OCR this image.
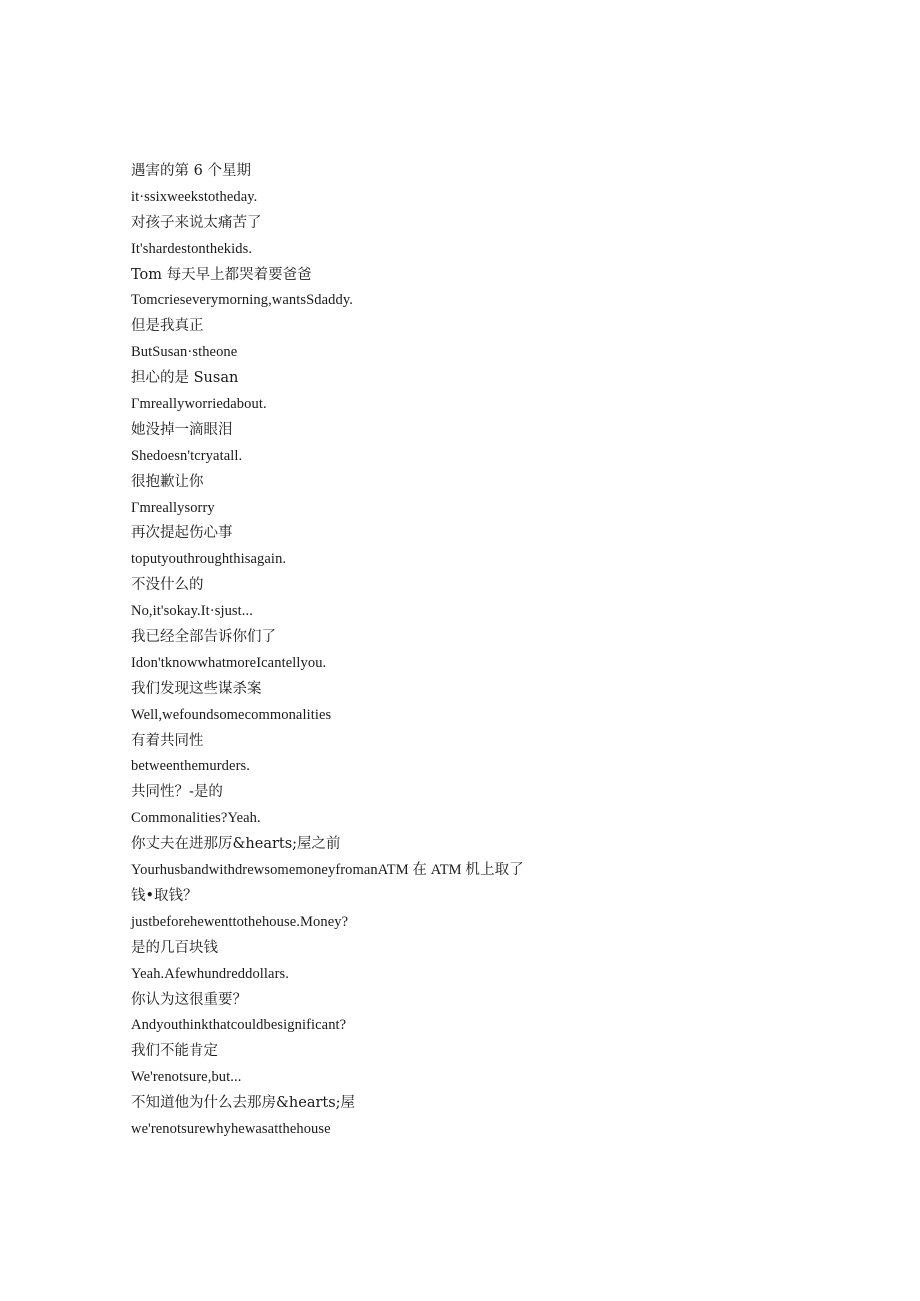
遇害的第 6 个星期
it·ssixweekstotheday.
对孩子来说太痛苦了
It'shardestonthekids.
Tom 每天早上都哭着要爸爸
Tomcrieseverymorning,wantsSdaddy.
但是我真正
ButSusan·stheone
担心的是 Susan
Γmreallyworriedabout.
她没掉一滴眼泪
Shedoesn'tcryatall.
很抱歉让你
Γmreallysorry
再次提起伤心事
toputyouthroughthisagain.
不没什么的
No,it'sokay.It·sjust...
我已经全部告诉你们了
Idon'tknowwhatmoreIcantellyou.
我们发现这些谋杀案
Well,wefoundsomecommonalities
有着共同性
betweenthemurders.
共同性？-是的
Commonalities?Yeah.
你丈夫在进那厉&hearts;屋之前
YourhusbandwithdrewsomemoneyfromanATM 在 ATM 机上取了
钱•取钱？
justbeforehewenttothehouse.Money?
是的几百块钱
Yeah.Afewhundreddollars.
你认为这很重要？
Andyouthinkthatcouldbesignificant?
我们不能肯定
We'renotsure,but...
不知道他为什么去那房&hearts;屋
we'renotsurewhyhewasatthehouse
